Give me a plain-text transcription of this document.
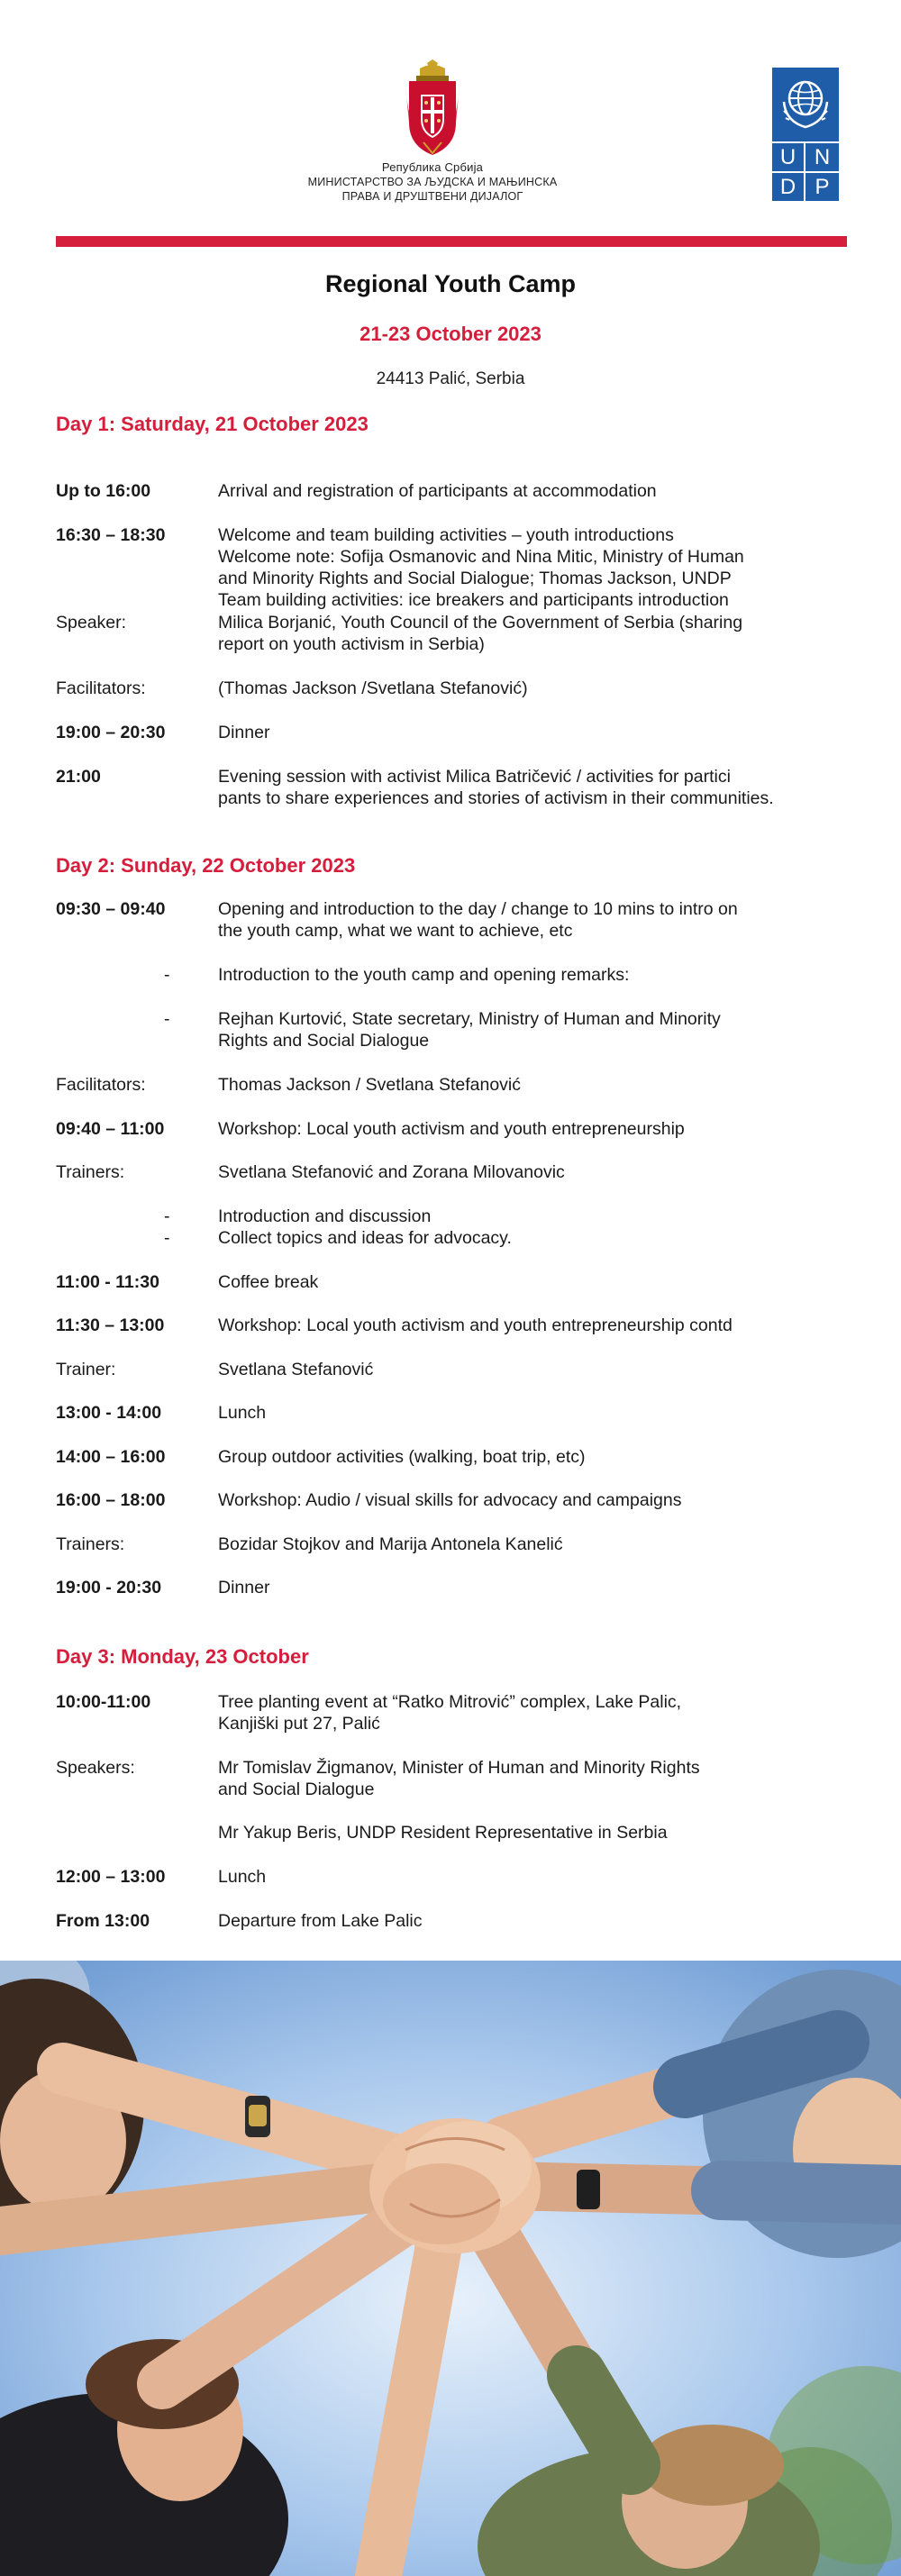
Република Србија
МИНИСТАРСТВО ЗА ЉУДСКА И МАЊИНСКА
ПРАВА И ДРУШТВЕНИ ДИЈАЛОГ
U N
D P
Regional Youth Camp
21-23 October 2023
24413 Palić, Serbia
Day 1: Saturday, 21 October 2023
Up to 16:00	Arrival and registration of participants at accommodation
16:30 – 18:30	Welcome and team building activities – youth introductions
Welcome note: Sofija Osmanovic and Nina Mitic, Ministry of Human
and Minority Rights and Social Dialogue; Thomas Jackson, UNDP
Team building activities: ice breakers and participants introduction
Speaker:	Milica Borjanić, Youth Council of the Government of Serbia (sharing
report on youth activism in Serbia)
Facilitators:	(Thomas Jackson /Svetlana Stefanović)
19:00 – 20:30	Dinner
21:00	Evening session with activist Milica Batričević / activities for partici
pants to share experiences and stories of activism in their communities.
Day 2: Sunday, 22 October 2023
09:30 – 09:40	Opening and introduction to the day / change to 10 mins to intro on
the youth camp, what we want to achieve, etc
-	Introduction to the youth camp and opening remarks:
-	Rejhan Kurtović, State secretary, Ministry of Human and Minority
Rights and Social Dialogue
Facilitators:	Thomas Jackson / Svetlana Stefanović
09:40 – 11:00	Workshop: Local youth activism and youth entrepreneurship
Trainers:	Svetlana Stefanović and Zorana Milovanovic
-	Introduction and discussion
-	Collect topics and ideas for advocacy.
11:00 - 11:30	Coffee break
11:30 – 13:00	Workshop: Local youth activism and youth entrepreneurship contd
Trainer:	Svetlana Stefanović
13:00 - 14:00	Lunch
14:00 – 16:00	Group outdoor activities (walking, boat trip, etc)
16:00 – 18:00	Workshop: Audio / visual skills for advocacy and campaigns
Trainers:	Bozidar Stojkov and Marija Antonela Kanelić
19:00 - 20:30	Dinner
Day 3: Monday, 23 October
10:00-11:00	Tree planting event at “Ratko Mitrović” complex, Lake Palic,
Kanjiški put 27, Palić
Speakers:	Mr Tomislav Žigmanov, Minister of Human and Minority Rights
and Social Dialogue
Mr Yakup Beris, UNDP Resident Representative in Serbia
12:00 – 13:00	Lunch
From 13:00	Departure from Lake Palic
